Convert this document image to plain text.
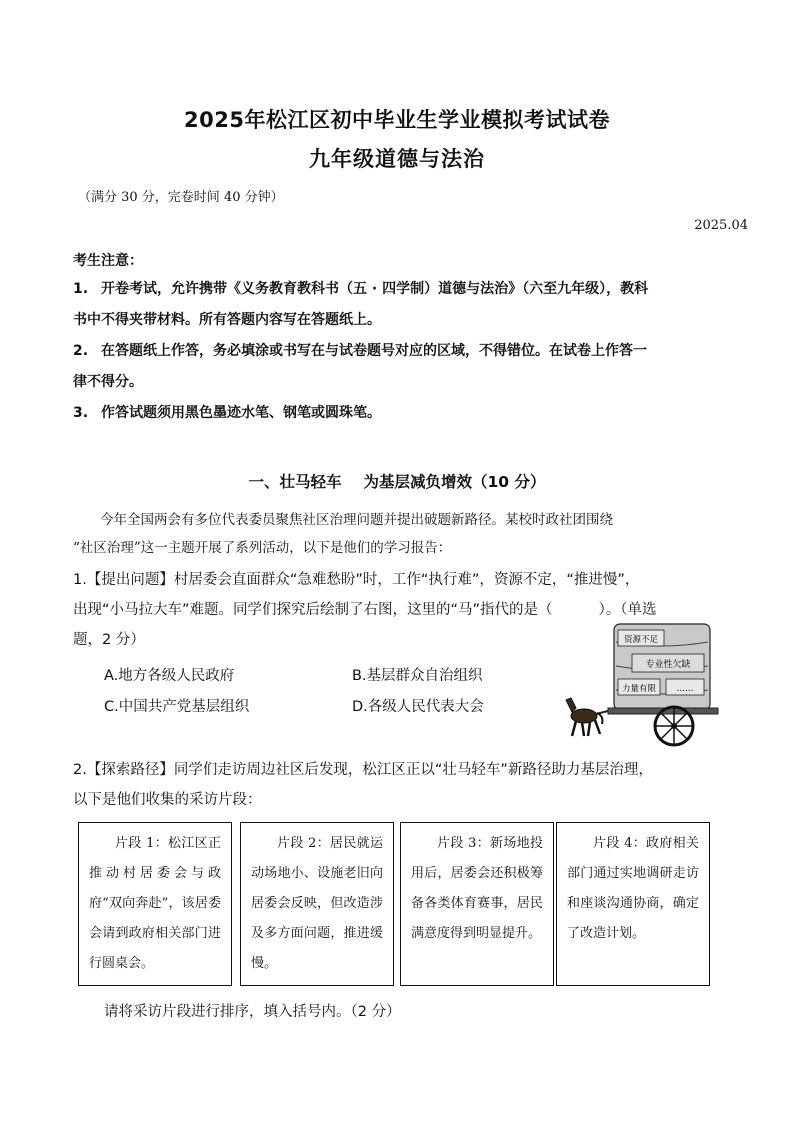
2025年松江区初中毕业生学业模拟考试试卷
九年级道德与法治
（满分 30 分，完卷时间 40 分钟）
2025.04
考生注意：
1. 开卷考试，允许携带《义务教育教科书（五 · 四学制）道德与法治》（六至九年级），教科
书中不得夹带材料。所有答题内容写在答题纸上。
2. 在答题纸上作答，务必填涂或书写在与试卷题号对应的区域，不得错位。在试卷上作答一
律不得分。
3. 作答试题须用黑色墨迹水笔、钢笔或圆珠笔。
一、壮马轻车 为基层减负增效（10 分）
今年全国两会有多位代表委员聚焦社区治理问题并提出破题新路径。某校时政社团围绕
“社区治理”这一主题开展了系列活动，以下是他们的学习报告：
1.【提出问题】村居委会直面群众“急难愁盼”时，工作“执行难”，资源不定，“推进慢”，
出现“小马拉大车”难题。同学们探究后绘制了右图，这里的“马”指代的是（	）。（单选
题，2 分）
A.地方各级人民政府	B.基层群众自治组织
C.中国共产党基层组织	D.各级人民代表大会
资源不足
专业性欠缺
力量有限 ……
2.【探索路径】同学们走访周边社区后发现，松江区正以“壮马轻车”新路径助力基层治理，
以下是他们收集的采访片段：
片段 1：松江区正推动村居委会与政府“双向奔赴”，该居委会请到政府相关部门进行圆桌会。
片段 2：居民就运动场地小、设施老旧向居委会反映，但改造涉及多方面问题，推进缓慢。
片段 3：新场地投用后，居委会还积极筹备各类体育赛事，居民满意度得到明显提升。
片段 4：政府相关部门通过实地调研走访和座谈沟通协商，确定了改造计划。
请将采访片段进行排序，填入括号内。（2 分）
